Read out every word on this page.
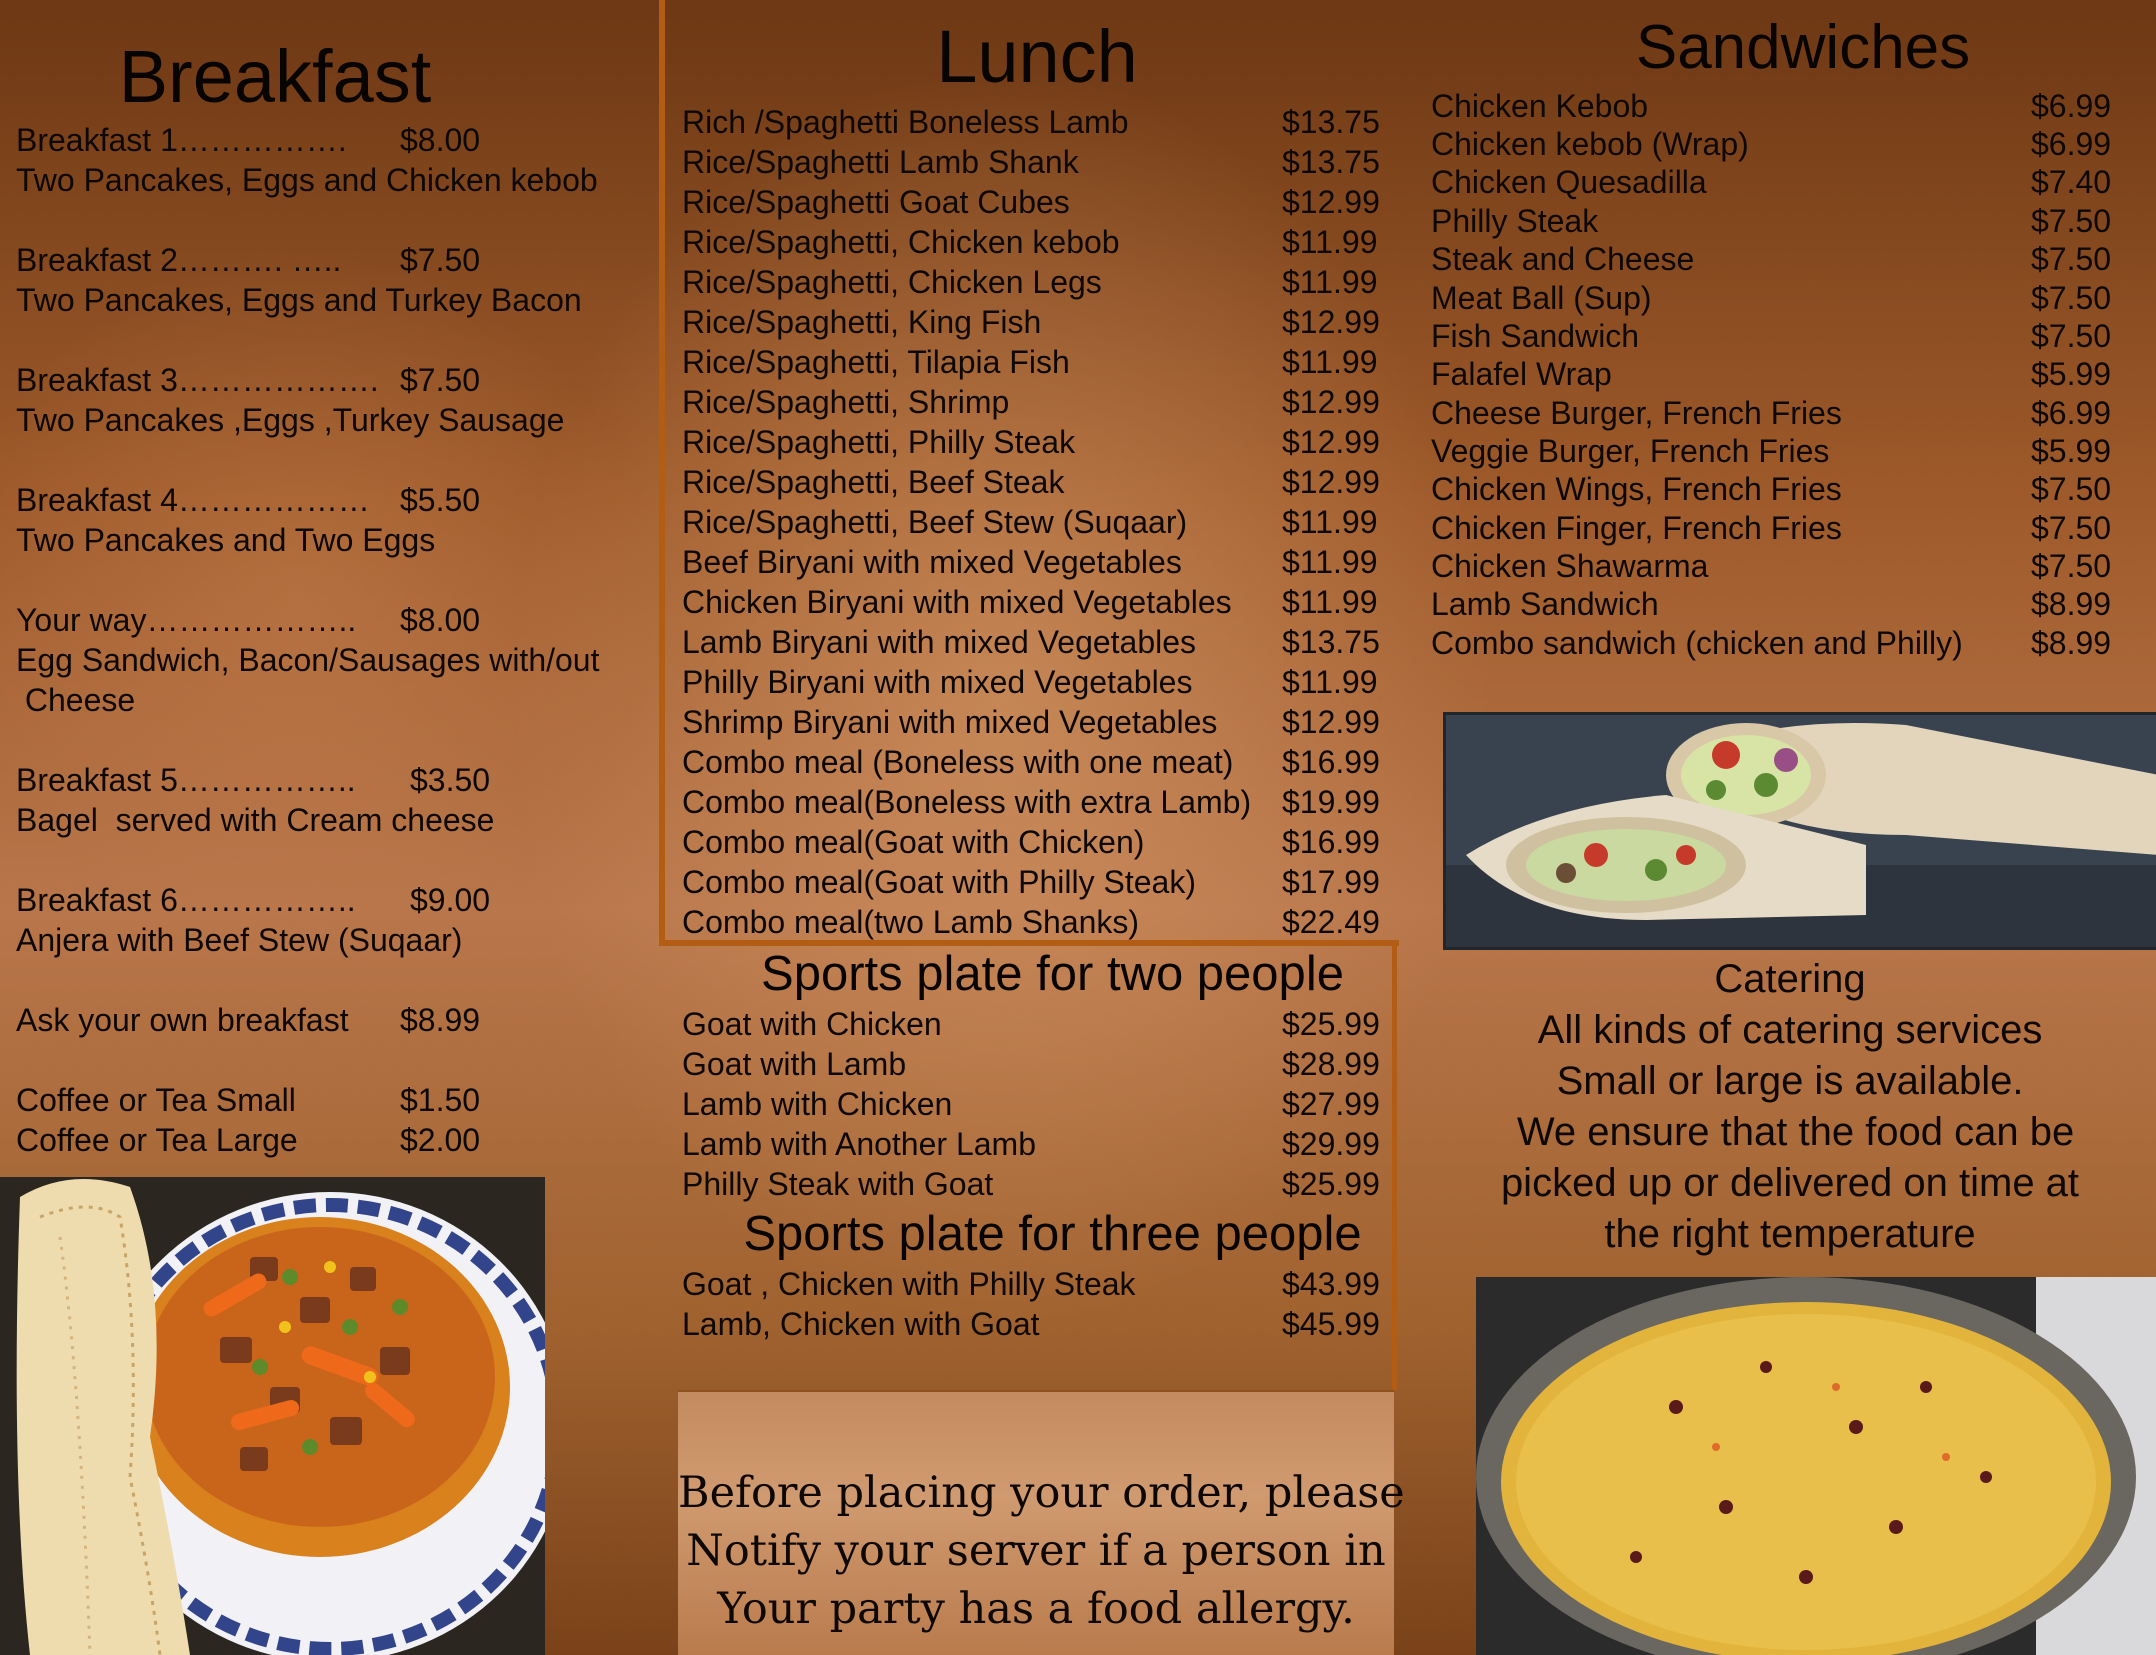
Breakfast	Lunch	Sandwiches
Breakfast 1……………. $8.00
Two Pancakes, Eggs and Chicken kebob
Breakfast 2………. ….. $7.50
Two Pancakes, Eggs and Turkey Bacon
Breakfast 3………………. $7.50
Two Pancakes ,Eggs ,Turkey Sausage
Breakfast 4……………… $5.50
Two Pancakes and Two Eggs
Your way……………….. $8.00
Egg Sandwich, Bacon/Sausages with/out
Cheese
Breakfast 5…………….. $3.50
Bagel  served with Cream cheese
Breakfast 6…………….. $9.00
Anjera with Beef Stew (Suqaar)
Ask your own breakfast $8.99
Coffee or Tea Small	$1.50
Coffee or Tea Large	$2.00
Rich /Spaghetti Boneless Lamb	$13.75
Rice/Spaghetti Lamb Shank	$13.75
Rice/Spaghetti Goat Cubes	$12.99
Rice/Spaghetti, Chicken kebob	$11.99
Rice/Spaghetti, Chicken Legs	$11.99
Rice/Spaghetti, King Fish	$12.99
Rice/Spaghetti, Tilapia Fish	$11.99
Rice/Spaghetti, Shrimp	$12.99
Rice/Spaghetti, Philly Steak	$12.99
Rice/Spaghetti, Beef Steak	$12.99
Rice/Spaghetti, Beef Stew (Suqaar)	$11.99
Beef Biryani with mixed Vegetables	$11.99
Chicken Biryani with mixed Vegetables $11.99
Lamb Biryani with mixed Vegetables	$13.75
Philly Biryani with mixed Vegetables	$11.99
Shrimp Biryani with mixed Vegetables $12.99
Combo meal (Boneless with one meat) $16.99
Combo meal(Boneless with extra Lamb) $19.99
Combo meal(Goat with Chicken)	$16.99
Combo meal(Goat with Philly Steak)	$17.99
Combo meal(two Lamb Shanks)	$22.49
Sports plate for two people
Goat with Chicken	$25.99
Goat with Lamb	$28.99
Lamb with Chicken	$27.99
Lamb with Another Lamb	$29.99
Philly Steak with Goat	$25.99
Sports plate for three people
Goat , Chicken with Philly Steak	$43.99
Lamb, Chicken with Goat	$45.99
Before placing your order, please
Notify your server if a person in
Your party has a food allergy.
Chicken Kebob	$6.99
Chicken kebob (Wrap)	$6.99
Chicken Quesadilla	$7.40
Philly Steak	$7.50
Steak and Cheese	$7.50
Meat Ball (Sup)	$7.50
Fish Sandwich	$7.50
Falafel Wrap	$5.99
Cheese Burger, French Fries	$6.99
Veggie Burger, French Fries	$5.99
Chicken Wings, French Fries	$7.50
Chicken Finger, French Fries	$7.50
Chicken Shawarma	$7.50
Lamb Sandwich	$8.99
Combo sandwich (chicken and Philly) $8.99
Catering
All kinds of catering services
Small or large is available.
We ensure that the food can be
picked up or delivered on time at
the right temperature
